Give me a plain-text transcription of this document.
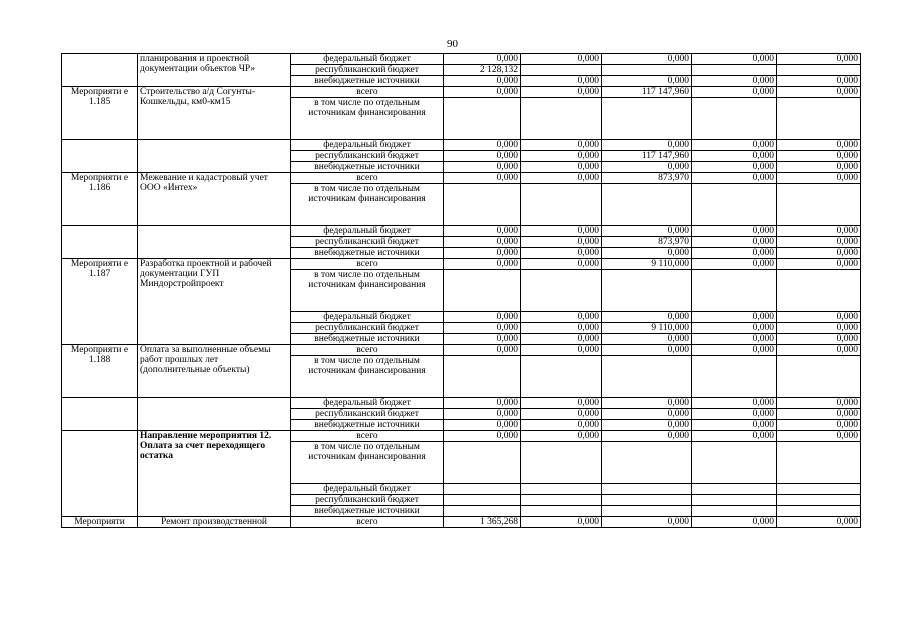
90
	планирования и проектной документации объектов ЧР»	федеральный бюджет	0,000	0,000	0,000	0,000	0,000
		республиканский бюджет	2 128,132				
		внебюджетные источники	0,000	0,000	0,000	0,000	0,000
Мероприяти е 1.185	Строительство а/д Согунты-Кошкельды, км0-км15	всего	0,000	0,000	117 147,960	0,000	0,000
		в том числе по отдельным источникам финансирования					
		федеральный бюджет	0,000	0,000	0,000	0,000	0,000
		республиканский бюджет	0,000	0,000	117 147,960	0,000	0,000
		внебюджетные источники	0,000	0,000	0,000	0,000	0,000
Мероприяти е 1.186	Межевание и кадастровый учет ООО «Интех»	всего	0,000	0,000	873,970	0,000	0,000
		в том числе по отдельным источникам финансирования					
		федеральный бюджет	0,000	0,000	0,000	0,000	0,000
		республиканский бюджет	0,000	0,000	873,970	0,000	0,000
		внебюджетные источники	0,000	0,000	0,000	0,000	0,000
Мероприяти е 1.187	Разработка проектной и рабочей документации ГУП Миндорстройпроект	всего	0,000	0,000	9 110,000	0,000	0,000
		в том числе по отдельным источникам финансирования					
		федеральный бюджет	0,000	0,000	0,000	0,000	0,000
		республиканский бюджет	0,000	0,000	9 110,000	0,000	0,000
		внебюджетные источники	0,000	0,000	0,000	0,000	0,000
Мероприяти е 1.188	Оплата за выполненные объемы работ прошлых лет (дополнительные объекты)	всего	0,000	0,000	0,000	0,000	0,000
		в том числе по отдельным источникам финансирования					
		федеральный бюджет	0,000	0,000	0,000	0,000	0,000
		республиканский бюджет	0,000	0,000	0,000	0,000	0,000
		внебюджетные источники	0,000	0,000	0,000	0,000	0,000
	Направление мероприятия 12. Оплата за счет переходящего остатка	всего	0,000	0,000	0,000	0,000	0,000
		в том числе по отдельным источникам финансирования					
		федеральный бюджет					
		республиканский бюджет					
		внебюджетные источники					
Мероприяти	Ремонт производственной	всего	1 365,268	0,000	0,000	0,000	0,000
